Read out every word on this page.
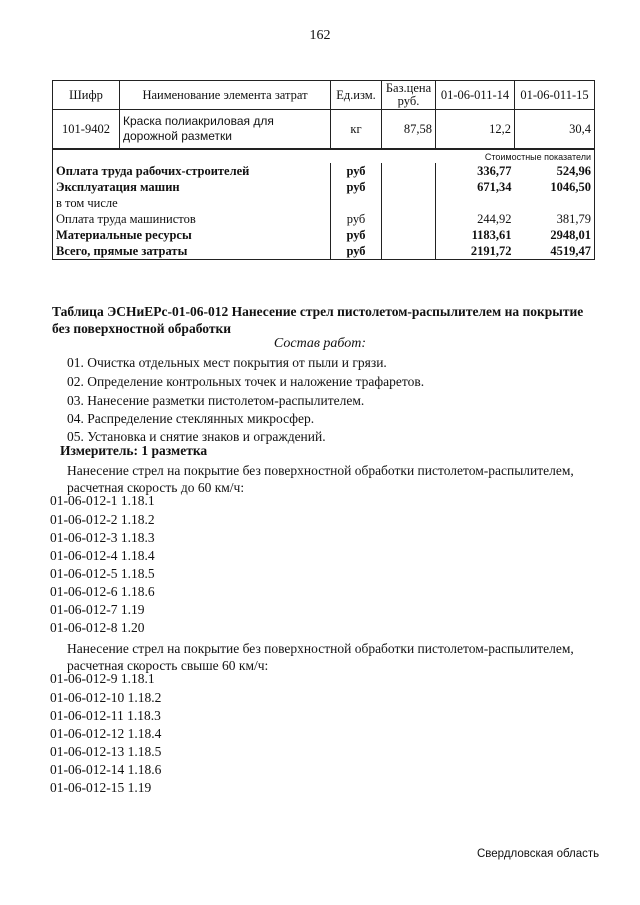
162
Шифр	Наименование элемента затрат	Ед.изм.	Баз.цена руб.	01-06-011-14	01-06-011-15
101-9402	Краска полиакриловая для дорожной разметки	кг	87,58	12,2	30,4
Стоимостные показатели					
Оплата труда рабочих-строителей		руб		336,77	524,96
Эксплуатация машин		руб		671,34	1046,50
в том числе					
Оплата труда машинистов		руб		244,92	381,79
Материальные ресурсы		руб		1183,61	2948,01
Всего, прямые затраты		руб		2191,72	4519,47
Таблица ЭСНиЕРс-01-06-012 Нанесение стрел пистолетом-распылителем на покрытие без поверхностной обработки
Состав работ:
01. Очистка отдельных мест покрытия от пыли и грязи.
02. Определение контрольных точек и наложение трафаретов.
03. Нанесение разметки пистолетом-распылителем.
04. Распределение стеклянных микросфер.
05. Установка и снятие знаков и ограждений.
Измеритель: 1 разметка
Нанесение стрел на покрытие без поверхностной обработки пистолетом-распылителем, расчетная скорость до 60 км/ч:
01-06-012-1 1.18.1
01-06-012-2 1.18.2
01-06-012-3 1.18.3
01-06-012-4 1.18.4
01-06-012-5 1.18.5
01-06-012-6 1.18.6
01-06-012-7 1.19
01-06-012-8 1.20
Нанесение стрел на покрытие без поверхностной обработки пистолетом-распылителем, расчетная скорость свыше 60 км/ч:
01-06-012-9 1.18.1
01-06-012-10 1.18.2
01-06-012-11 1.18.3
01-06-012-12 1.18.4
01-06-012-13 1.18.5
01-06-012-14 1.18.6
01-06-012-15 1.19
Свердловская область
